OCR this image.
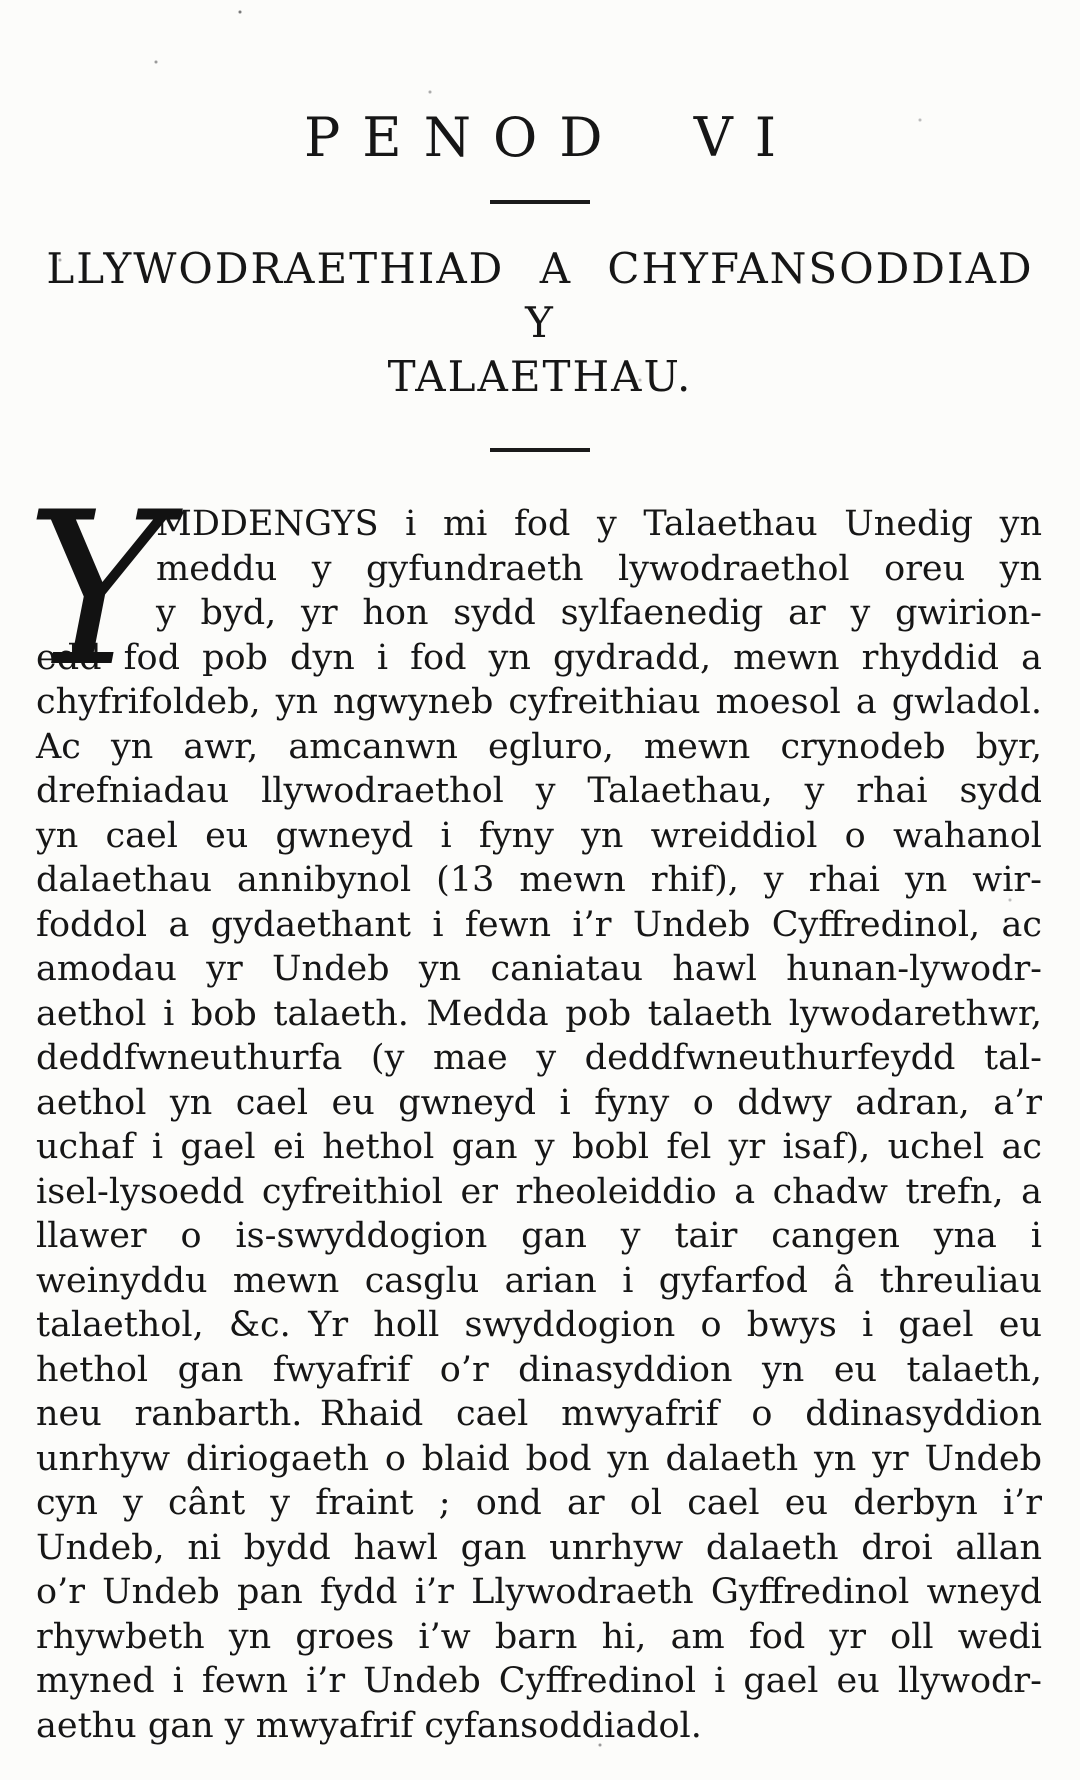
PENOD VI
LLYWODRAETHIAD A CHYFANSODDIAD Y
TALAETHAU.
Y
MDDENGYS i mi fod y Talaethau Unedig yn
meddu y gyfundraeth lywodraethol oreu yn
y byd, yr hon sydd sylfaenedig ar y gwirion-
edd fod pob dyn i fod yn gydradd, mewn rhyddid a
chyfrifoldeb, yn ngwyneb cyfreithiau moesol a gwladol.
Ac yn awr, amcanwn egluro, mewn crynodeb byr,
drefniadau llywodraethol y Talaethau, y rhai sydd
yn cael eu gwneyd i fyny yn wreiddiol o wahanol
dalaethau annibynol (13 mewn rhif), y rhai yn wir-
foddol a gydaethant i fewn i’r Undeb Cyffredinol, ac
amodau yr Undeb yn caniatau hawl hunan-lywodr-
aethol i bob talaeth. Medda pob talaeth lywodarethwr,
deddfwneuthurfa (y mae y deddfwneuthurfeydd tal-
aethol yn cael eu gwneyd i fyny o ddwy adran, a’r
uchaf i gael ei hethol gan y bobl fel yr isaf), uchel ac
isel-lysoedd cyfreithiol er rheoleiddio a chadw trefn, a
llawer o is-swyddogion gan y tair cangen yna i
weinyddu mewn casglu arian i gyfarfod â threuliau
talaethol, &c. Yr holl swyddogion o bwys i gael eu
hethol gan fwyafrif o’r dinasyddion yn eu talaeth,
neu ranbarth. Rhaid cael mwyafrif o ddinasyddion
unrhyw diriogaeth o blaid bod yn dalaeth yn yr Undeb
cyn y cânt y fraint ; ond ar ol cael eu derbyn i’r
Undeb, ni bydd hawl gan unrhyw dalaeth droi allan
o’r Undeb pan fydd i’r Llywodraeth Gyffredinol wneyd
rhywbeth yn groes i’w barn hi, am fod yr oll wedi
myned i fewn i’r Undeb Cyffredinol i gael eu llywodr-
aethu gan y mwyafrif cyfansoddiadol.
